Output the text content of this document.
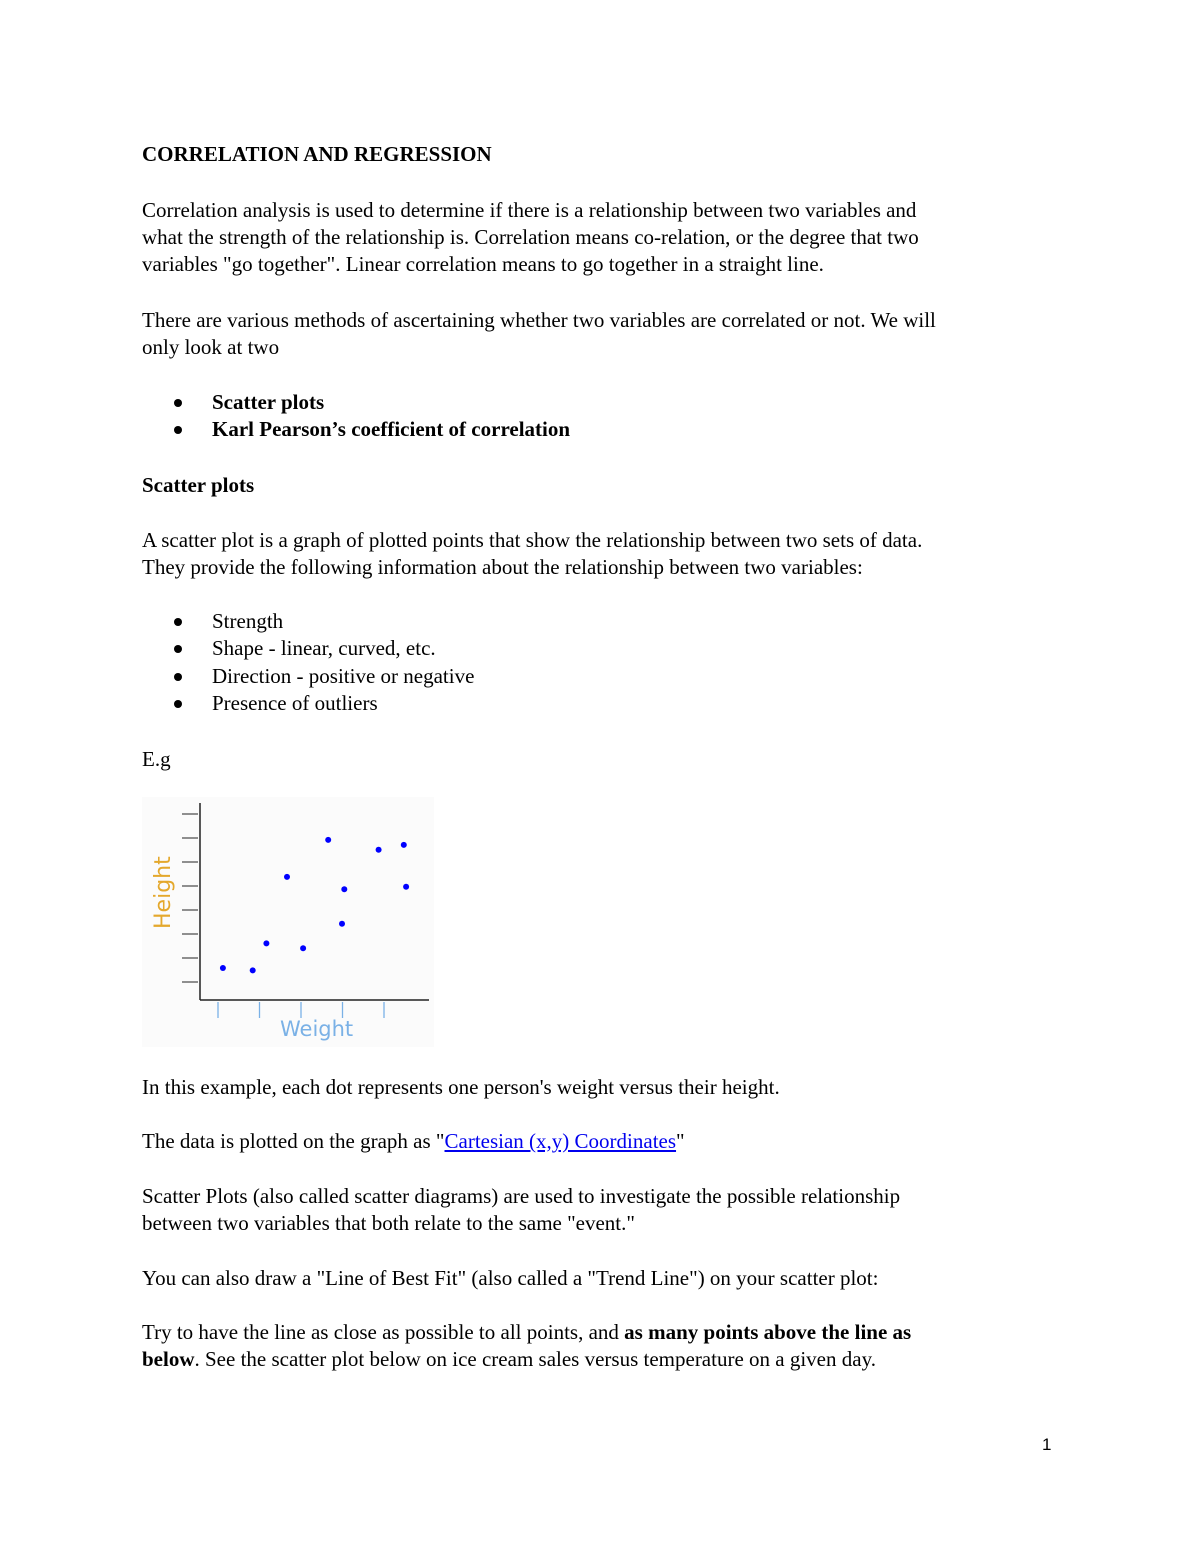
CORRELATION AND REGRESSION

Correlation analysis is used to determine if there is a relationship between two variables and

what the strength of the relationship is. Correlation means co-relation, or the degree that two

variables "go together". Linear correlation means to go together in a straight line.

There are various methods of ascertaining whether two variables are correlated or not. We will

only look at two

Scatter plots
Karl Pearson’s coefficient of correlation
Scatter plots

A scatter plot is a graph of plotted points that show the relationship between two sets of data.

They provide the following information about the relationship between two variables:

Strength
Shape - linear, curved, etc.
Direction - positive or negative
Presence of outliers

E.g

Weight
Height

In this example, each dot represents one person's weight versus their height.

The data is plotted on the graph as "Cartesian (x,y) Coordinates"

Scatter Plots (also called scatter diagrams) are used to investigate the possible relationship

between two variables that both relate to the same "event."

You can also draw a "Line of Best Fit" (also called a "Trend Line") on your scatter plot:

Try to have the line as close as possible to all points, and as many points above the line as

below. See the scatter plot below on ice cream sales versus temperature on a given day.

1
